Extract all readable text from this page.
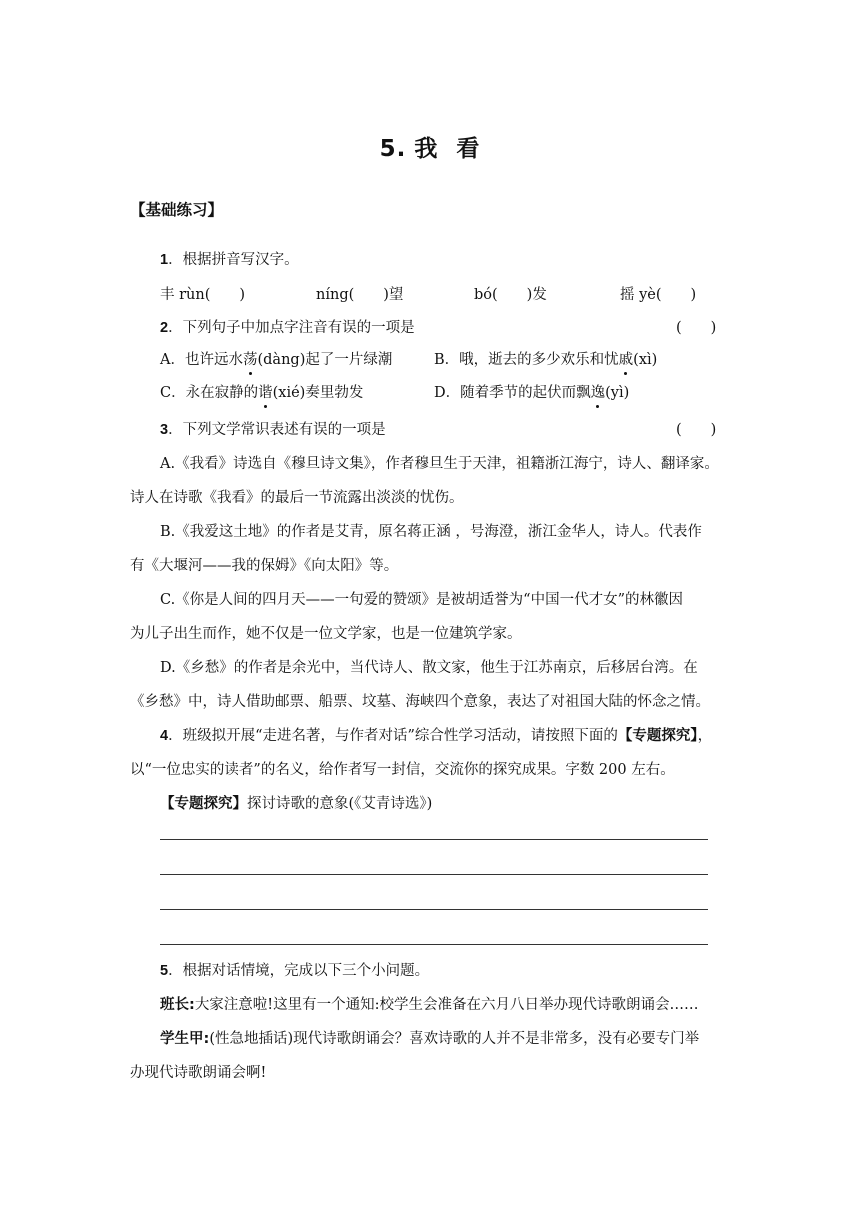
5. 我 看
【基础练习】
1．根据拼音写汉字。
丰 rùn(　　)	níng(　　)望	bó(　　)发	摇 yè(　　)
2．下列句子中加点字注音有误的一项是	(　　)
A．也许远水荡(dàng)起了一片绿潮	B．哦，逝去的多少欢乐和忧戚(xì)
C．永在寂静的谐(xié)奏里勃发	D．随着季节的起伏而飘逸(yì)
3．下列文学常识表述有误的一项是	(　　)
A.《我看》诗选自《穆旦诗文集》，作者穆旦生于天津，祖籍浙江海宁，诗人、翻译家。
诗人在诗歌《我看》的最后一节流露出淡淡的忧伤。
B.《我爱这土地》的作者是艾青，原名蒋正涵 ，号海澄，浙江金华人，诗人。代表作
有《大堰河——我的保姆》《向太阳》等。
C.《你是人间的四月天——一句爱的赞颂》是被胡适誉为“中国一代才女”的林徽因
为儿子出生而作，她不仅是一位文学家，也是一位建筑学家。
D.《乡愁》的作者是余光中，当代诗人、散文家，他生于江苏南京，后移居台湾。在
《乡愁》中，诗人借助邮票、船票、坟墓、海峡四个意象，表达了对祖国大陆的怀念之情。
4．班级拟开展“走进名著，与作者对话”综合性学习活动，请按照下面的【专题探究】，
以“一位忠实的读者”的名义，给作者写一封信，交流你的探究成果。字数 200 左右。
【专题探究】探讨诗歌的意象(《艾青诗选》)
5．根据对话情境，完成以下三个小问题。
班长:大家注意啦!这里有一个通知:校学生会准备在六月八日举办现代诗歌朗诵会……
学生甲:(性急地插话)现代诗歌朗诵会？喜欢诗歌的人并不是非常多，没有必要专门举
办现代诗歌朗诵会啊!
